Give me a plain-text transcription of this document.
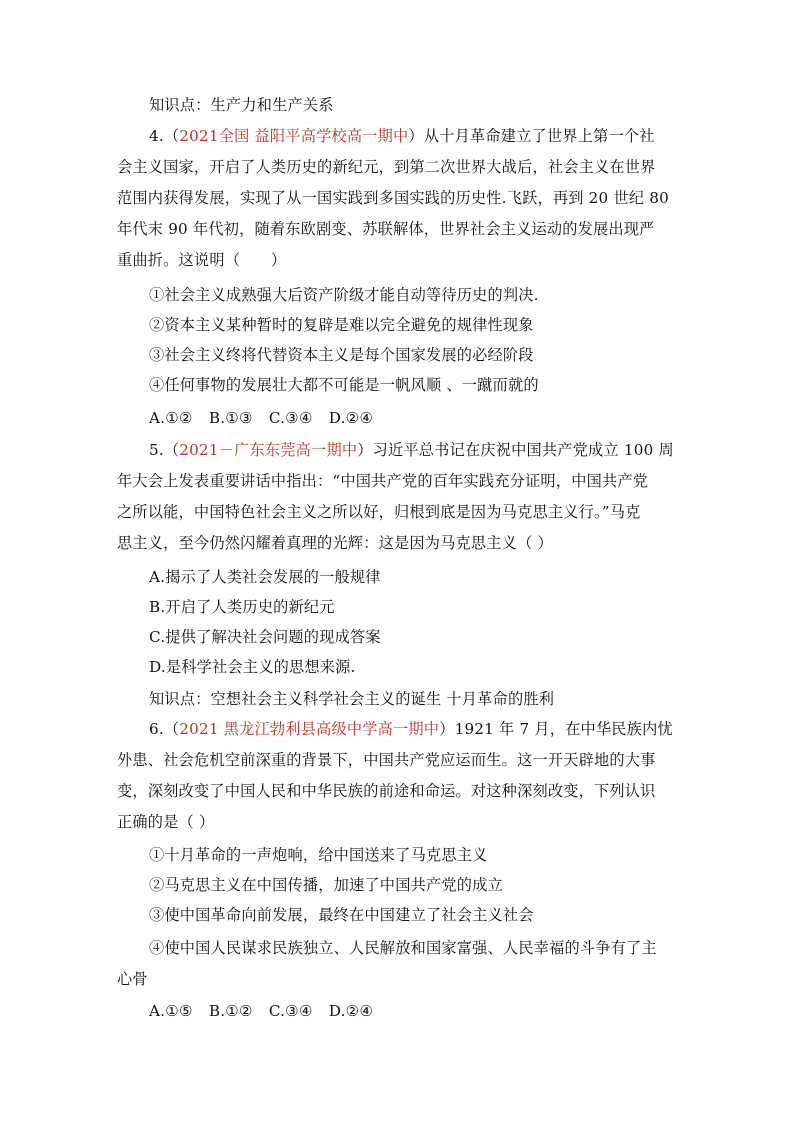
知识点：生产力和生产关系

4.（2021全国 益阳平高学校高一期中）从十月革命建立了世界上第一个社

会主义国家，开启了人类历史的新纪元，到第二次世界大战后，社会主义在世界

范围内获得发展，实现了从一国实践到多国实践的历史性.飞跃，再到 20 世纪 80

年代末 90 年代初，随着东欧剧变、苏联解体，世界社会主义运动的发展出现严

重曲折。这说明（　　）

①社会主义成熟强大后资产阶级才能自动等待历史的判决.

②资本主义某种暂时的复辟是难以完全避免的规律性现象

③社会主义终将代替资本主义是每个国家发展的必经阶段

④任何事物的发展壮大都不可能是一帆风顺 、一蹴而就的

A.①② B.①③ C.③④ D.②④

5.（2021－广东东莞高一期中）习近平总书记在庆祝中国共产党成立 100 周

年大会上发表重要讲话中指出：“中国共产党的百年实践充分证明，中国共产党

之所以能，中国特色社会主义之所以好，归根到底是因为马克思主义行。”马克

思主义，至今仍然闪耀着真理的光辉：这是因为马克思主义（ ）

A.揭示了人类社会发展的一般规律

B.开启了人类历史的新纪元

C.提供了解决社会问题的现成答案

D.是科学社会主义的思想来源.

知识点：空想社会主义科学社会主义的诞生 十月革命的胜利

6.（2021 黑龙江勃利县高级中学高一期中）1921 年 7 月，在中华民族内忧

外患、社会危机空前深重的背景下，中国共产党应运而生。这一开天辟地的大事

变，深刻改变了中国人民和中华民族的前途和命运。对这种深刻改变，下列认识

正确的是（ ）

①十月革命的一声炮响，给中国送来了马克思主义

②马克思主义在中国传播，加速了中国共产党的成立

③使中国革命向前发展，最终在中国建立了社会主义社会

④使中国人民谋求民族独立、人民解放和国家富强、人民幸福的斗争有了主

心骨

A.①⑤ B.①② C.③④ D.②④
